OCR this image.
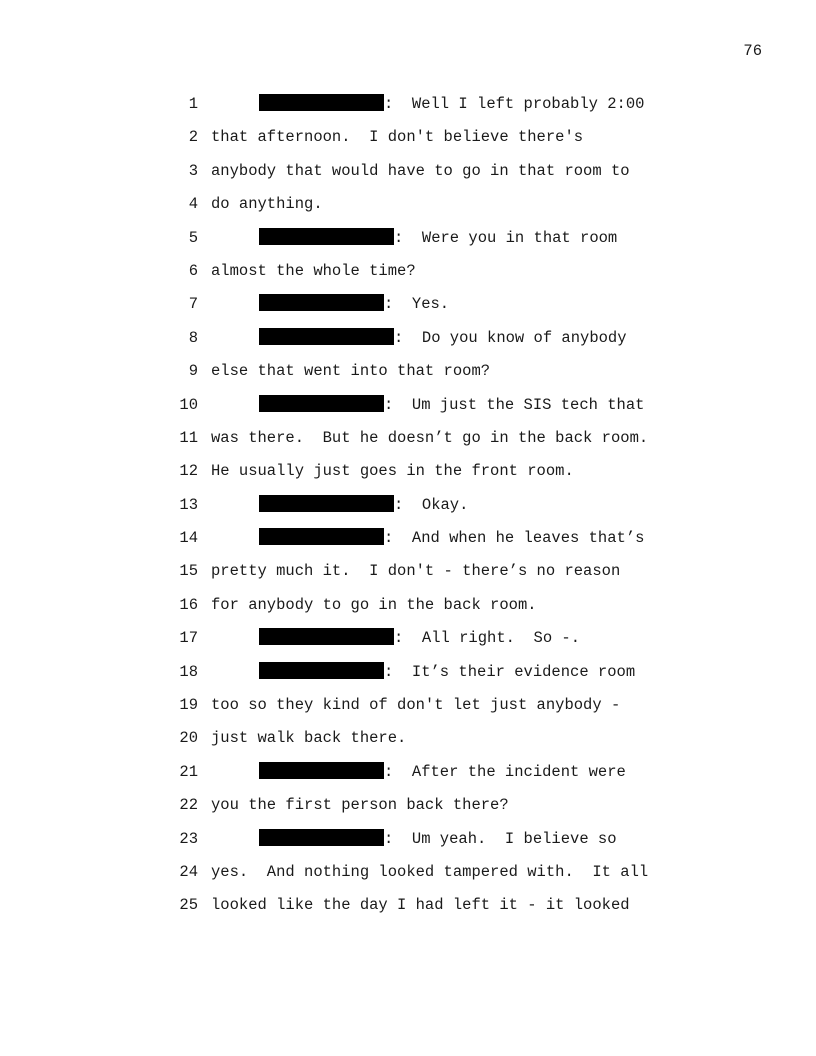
76
1	:  Well I left probably 2:00
2 that afternoon.  I don't believe there's
3 anybody that would have to go in that room to
4 do anything.
5	:  Were you in that room
6 almost the whole time?
7	:  Yes.
8	:  Do you know of anybody
9 else that went into that room?
10	:  Um just the SIS tech that
11 was there.  But he doesn’t go in the back room.
12 He usually just goes in the front room.
13	:  Okay.
14	:  And when he leaves that’s
15 pretty much it.  I don't - there’s no reason
16 for anybody to go in the back room.
17	:  All right.  So -.
18	:  It’s their evidence room
19 too so they kind of don't let just anybody -
20 just walk back there.
21	:  After the incident were
22 you the first person back there?
23	:  Um yeah.  I believe so
24 yes.  And nothing looked tampered with.  It all
25 looked like the day I had left it - it looked
